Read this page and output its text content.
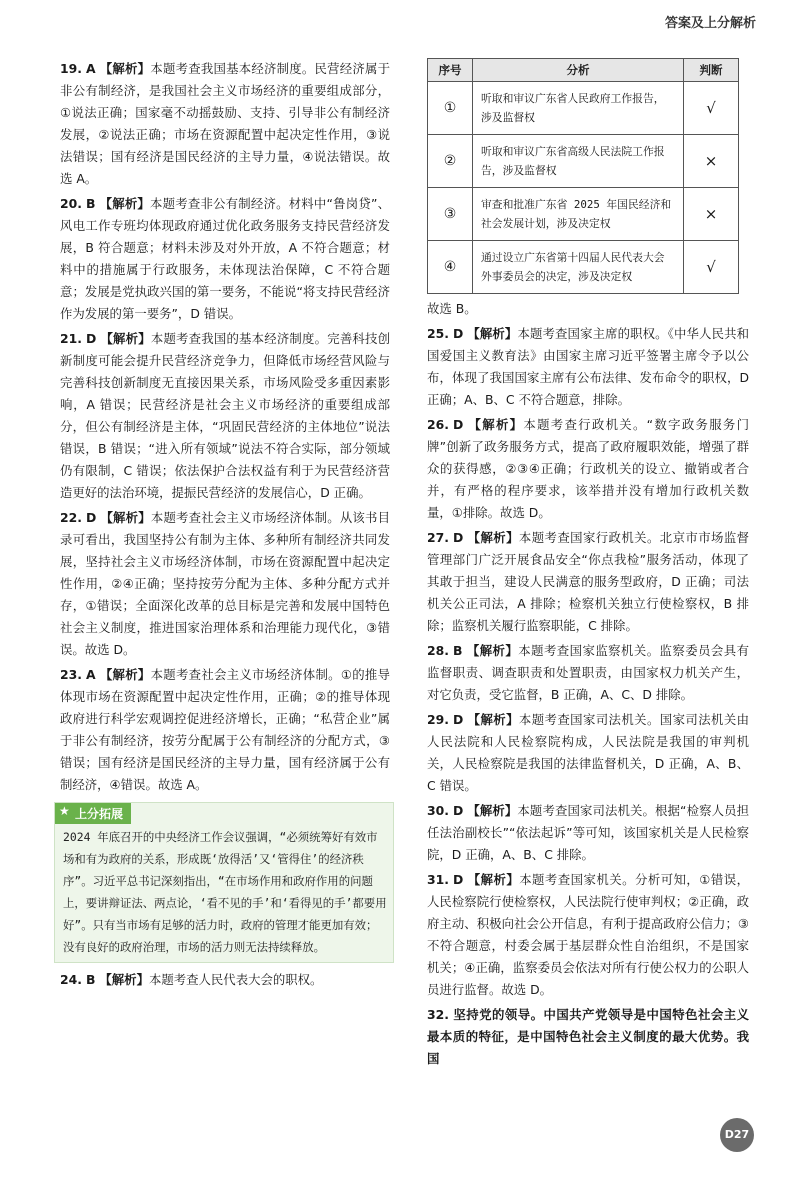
答案及上分解析

19. A 【解析】本题考查我国基本经济制度。民营经济属于非公有制经济，是我国社会主义市场经济的重要组成部分，①说法正确；国家毫不动摇鼓励、支持、引导非公有制经济发展，②说法正确；市场在资源配置中起决定性作用，③说法错误；国有经济是国民经济的主导力量，④说法错误。故选 A。

20. B 【解析】本题考查非公有制经济。材料中“鲁岗贷”、风电工作专班均体现政府通过优化政务服务支持民营经济发展，B 符合题意；材料未涉及对外开放，A 不符合题意；材料中的措施属于行政服务，未体现法治保障，C 不符合题意；发展是党执政兴国的第一要务，不能说“将支持民营经济作为发展的第一要务”，D 错误。

21. D 【解析】本题考查我国的基本经济制度。完善科技创新制度可能会提升民营经济竞争力，但降低市场经营风险与完善科技创新制度无直接因果关系，市场风险受多重因素影响，A 错误；民营经济是社会主义市场经济的重要组成部分，但公有制经济是主体，“巩固民营经济的主体地位”说法错误，B 错误；“进入所有领域”说法不符合实际，部分领域仍有限制，C 错误；依法保护合法权益有利于为民营经济营造更好的法治环境，提振民营经济的发展信心，D 正确。

22. D 【解析】本题考查社会主义市场经济体制。从该书目录可看出，我国坚持公有制为主体、多种所有制经济共同发展，坚持社会主义市场经济体制，市场在资源配置中起决定性作用，②④正确；坚持按劳分配为主体、多种分配方式并存，①错误；全面深化改革的总目标是完善和发展中国特色社会主义制度，推进国家治理体系和治理能力现代化，③错误。故选 D。

23. A 【解析】本题考查社会主义市场经济体制。①的推导体现市场在资源配置中起决定性作用，正确；②的推导体现政府进行科学宏观调控促进经济增长，正确；“私营企业”属于非公有制经济，按劳分配属于公有制经济的分配方式，③错误；国有经济是国民经济的主导力量，国有经济属于公有制经济，④错误。故选 A。

★ 上分拓展
2024 年底召开的中央经济工作会议强调，“必须统筹好有效市场和有为政府的关系，形成既‘放得活’又‘管得住’的经济秩序”。习近平总书记深刻指出，“在市场作用和政府作用的问题上，要讲辩证法、两点论，‘看不见的手’和‘看得见的手’都要用好”。只有当市场有足够的活力时，政府的管理才能更加有效；没有良好的政府治理，市场的活力则无法持续释放。

24. B 【解析】本题考查人民代表大会的职权。

序号	分析	判断
①	听取和审议广东省人民政府工作报告，涉及监督权	√
②	听取和审议广东省高级人民法院工作报告，涉及监督权	×
③	审查和批准广东省 2025 年国民经济和社会发展计划，涉及决定权	×
④	通过设立广东省第十四届人民代表大会外事委员会的决定，涉及决定权	√

故选 B。

25. D 【解析】本题考查国家主席的职权。《中华人民共和国爱国主义教育法》由国家主席习近平签署主席令予以公布，体现了我国国家主席有公布法律、发布命令的职权，D 正确；A、B、C 不符合题意，排除。

26. D 【解析】本题考查行政机关。“数字政务服务门牌”创新了政务服务方式，提高了政府履职效能，增强了群众的获得感，②③④正确；行政机关的设立、撤销或者合并，有严格的程序要求，该举措并没有增加行政机关数量，①排除。故选 D。

27. D 【解析】本题考查国家行政机关。北京市市场监督管理部门广泛开展食品安全“你点我检”服务活动，体现了其敢于担当，建设人民满意的服务型政府，D 正确；司法机关公正司法，A 排除；检察机关独立行使检察权，B 排除；监察机关履行监察职能，C 排除。

28. B 【解析】本题考查国家监察机关。监察委员会具有监督职责、调查职责和处置职责，由国家权力机关产生，对它负责，受它监督，B 正确，A、C、D 排除。

29. D 【解析】本题考查国家司法机关。国家司法机关由人民法院和人民检察院构成，人民法院是我国的审判机关，人民检察院是我国的法律监督机关，D 正确，A、B、C 错误。

30. D 【解析】本题考查国家司法机关。根据“检察人员担任法治副校长”“依法起诉”等可知，该国家机关是人民检察院，D 正确，A、B、C 排除。

31. D 【解析】本题考查国家机关。分析可知，①错误，人民检察院行使检察权，人民法院行使审判权；②正确，政府主动、积极向社会公开信息，有利于提高政府公信力；③不符合题意，村委会属于基层群众性自治组织，不是国家机关；④正确，监察委员会依法对所有行使公权力的公职人员进行监督。故选 D。

32. 坚持党的领导。中国共产党领导是中国特色社会主义最本质的特征，是中国特色社会主义制度的最大优势。我国

D27
